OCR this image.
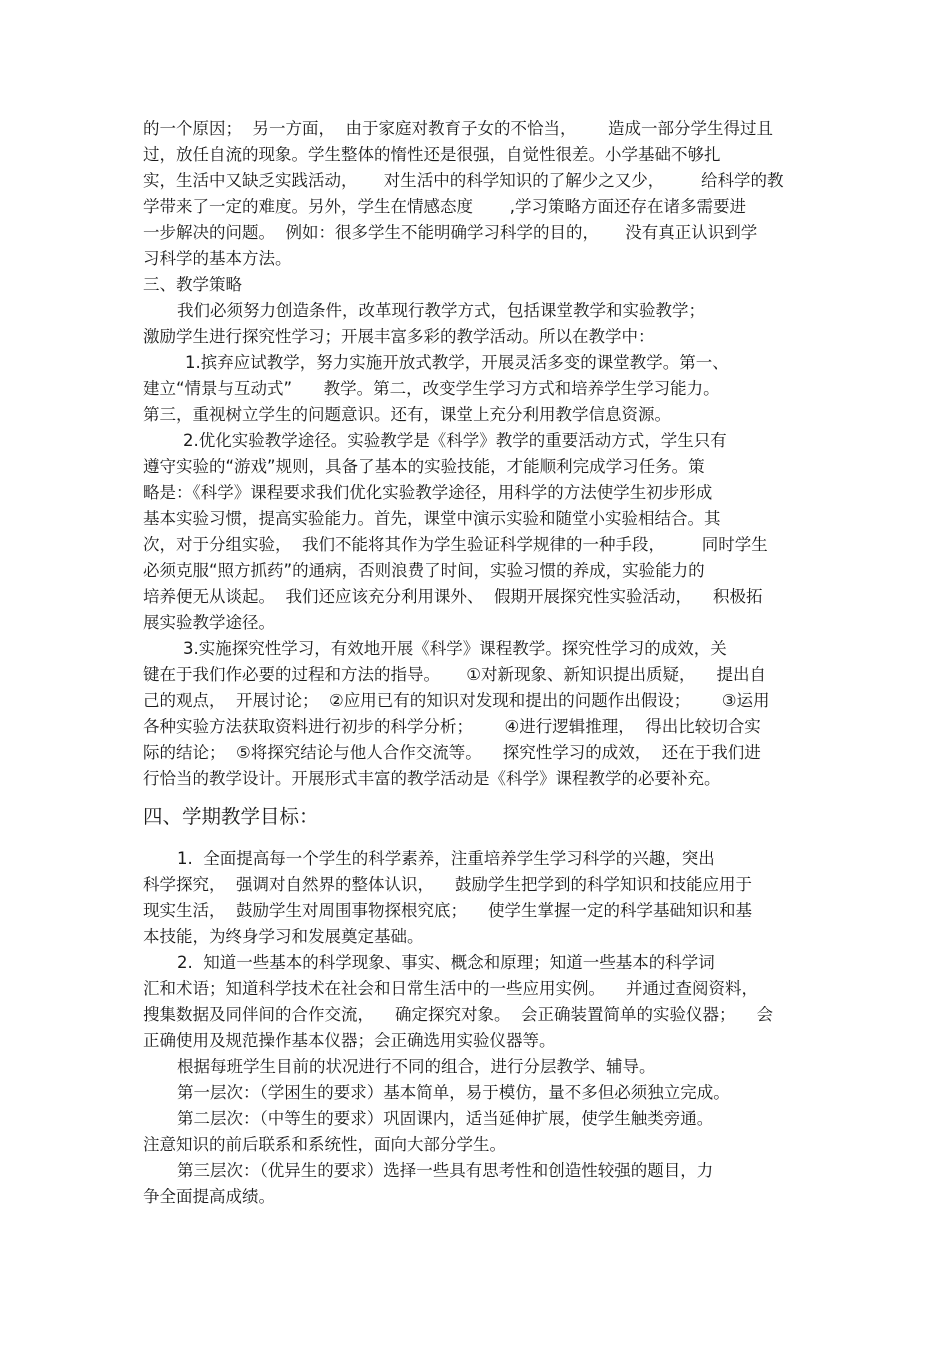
的一个原因；  另一方面，  由于家庭对教育子女的不恰当，      造成一部分学生得过且
过，放任自流的现象。学生整体的惰性还是很强，自觉性很差。小学基础不够扎
实，生活中又缺乏实践活动，     对生活中的科学知识的了解少之又少，       给科学的教
学带来了一定的难度。另外，学生在情感态度       ,学习策略方面还存在诸多需要进
一步解决的问题。  例如：很多学生不能明确学习科学的目的，     没有真正认识到学
习科学的基本方法。
三、教学策略
我们必须努力创造条件，改革现行教学方式，包括课堂教学和实验教学；
激励学生进行探究性学习；开展丰富多彩的教学活动。所以在教学中：
1.摈弃应试教学，努力实施开放式教学，开展灵活多变的课堂教学。第一、
建立“情景与互动式”      教学。第二，改变学生学习方式和培养学生学习能力。
第三，重视树立学生的问题意识。还有，课堂上充分利用教学信息资源。
2.优化实验教学途径。实验教学是《科学》教学的重要活动方式，学生只有
遵守实验的“游戏”规则，具备了基本的实验技能，才能顺利完成学习任务。策
略是：《科学》课程要求我们优化实验教学途径，用科学的方法使学生初步形成
基本实验习惯，提高实验能力。首先，课堂中演示实验和随堂小实验相结合。其
次，对于分组实验，  我们不能将其作为学生验证科学规律的一种手段，       同时学生
必须克服“照方抓药”的通病，否则浪费了时间，实验习惯的养成，实验能力的
培养便无从谈起。  我们还应该充分利用课外、  假期开展探究性实验活动，    积极拓
展实验教学途径。
3.实施探究性学习，有效地开展《科学》课程教学。探究性学习的成效，关
键在于我们作必要的过程和方法的指导。     ①对新现象、新知识提出质疑，    提出自
己的观点，  开展讨论；  ②应用已有的知识对发现和提出的问题作出假设；      ③运用
各种实验方法获取资料进行初步的科学分析；      ④进行逻辑推理，  得出比较切合实
际的结论；  ⑤将探究结论与他人合作交流等。    探究性学习的成效，  还在于我们进
行恰当的教学设计。开展形式丰富的教学活动是《科学》课程教学的必要补充。
四、学期教学目标：
1.  全面提高每一个学生的科学素养，注重培养学生学习科学的兴趣，突出
科学探究，  强调对自然界的整体认识，    鼓励学生把学到的科学知识和技能应用于
现实生活，  鼓励学生对周围事物探根究底；    使学生掌握一定的科学基础知识和基
本技能，为终身学习和发展奠定基础。
2.  知道一些基本的科学现象、事实、概念和原理；知道一些基本的科学词
汇和术语；知道科学技术在社会和日常生活中的一些应用实例。    并通过查阅资料，
搜集数据及同伴间的合作交流，    确定探究对象。  会正确装置简单的实验仪器；    会
正确使用及规范操作基本仪器；会正确选用实验仪器等。
根据每班学生目前的状况进行不同的组合，进行分层教学、辅导。
第一层次：（学困生的要求）基本简单，易于模仿，量不多但必须独立完成。
第二层次：（中等生的要求）巩固课内，适当延伸扩展，使学生触类旁通。
注意知识的前后联系和系统性，面向大部分学生。
第三层次：（优异生的要求）选择一些具有思考性和创造性较强的题目，力
争全面提高成绩。
